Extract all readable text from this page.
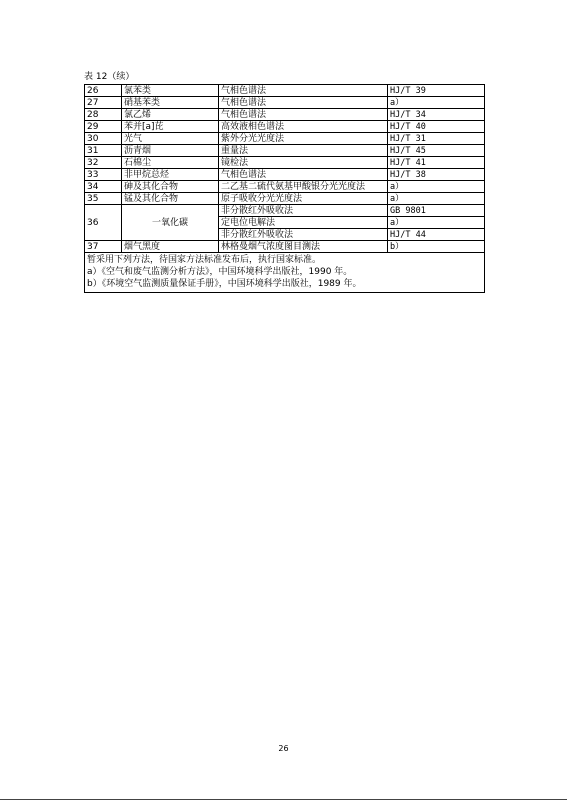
表 12（续）
26	氯苯类	气相色谱法	HJ/T 39
27	硝基苯类	气相色谱法	a）
28	氯乙烯	气相色谱法	HJ/T 34
29	苯并[a]芘	高效液相色谱法	HJ/T 40
30	光气	紫外分光光度法	HJ/T 31
31	沥青烟	重量法	HJ/T 45
32	石棉尘	镜检法	HJ/T 41
33	非甲烷总烃	气相色谱法	HJ/T 38
34	砷及其化合物	二乙基二硫代氨基甲酸银分光光度法	a）
35	锰及其化合物	原子吸收分光光度法	a）
36	一氧化碳	非分散红外吸收法	GB 9801
		定电位电解法	a）
		非分散红外吸收法	HJ/T 44
37	烟气黑度	林格曼烟气浓度图目测法	b）

暂采用下列方法，待国家方法标准发布后，执行国家标准。
a）《空气和废气监测分析方法》，中国环境科学出版社，1990 年。
b）《环境空气监测质量保证手册》，中国环境科学出版社，1989 年。			
26
